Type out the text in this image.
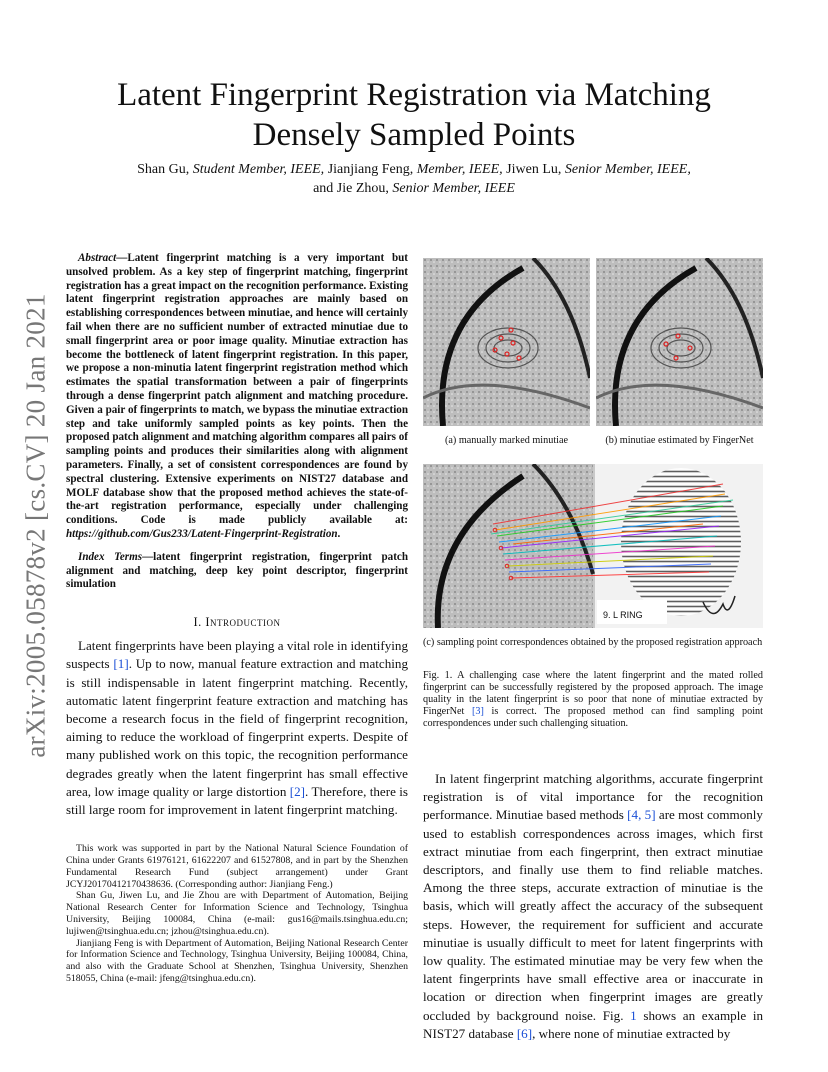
arXiv:2005.05878v2 [cs.CV] 20 Jan 2021
Latent Fingerprint Registration via Matching Densely Sampled Points
Shan Gu, Student Member, IEEE, Jianjiang Feng, Member, IEEE, Jiwen Lu, Senior Member, IEEE,
and Jie Zhou, Senior Member, IEEE

Abstract—Latent fingerprint matching is a very important but unsolved problem. As a key step of fingerprint matching, fingerprint registration has a great impact on the recognition performance. Existing latent fingerprint registration approaches are mainly based on establishing correspondences between minutiae, and hence will certainly fail when there are no sufficient number of extracted minutiae due to small fingerprint area or poor image quality. Minutiae extraction has become the bottleneck of latent fingerprint registration. In this paper, we propose a non-minutia latent fingerprint registration method which estimates the spatial transformation between a pair of fingerprints through a dense fingerprint patch alignment and matching procedure. Given a pair of fingerprints to match, we bypass the minutiae extraction step and take uniformly sampled points as key points. Then the proposed patch alignment and matching algorithm compares all pairs of sampling points and produces their similarities along with alignment parameters. Finally, a set of consistent correspondences are found by spectral clustering. Extensive experiments on NIST27 database and MOLF database show that the proposed method achieves the state-of-the-art registration performance, especially under challenging conditions. Code is made publicly available at: https://github.com/Gus233/Latent-Fingerprint-Registration.

Index Terms—latent fingerprint registration, fingerprint patch alignment and matching, deep key point descriptor, fingerprint simulation

I. Introduction

Latent fingerprints have been playing a vital role in identifying suspects [1]. Up to now, manual feature extraction and matching is still indispensable in latent fingerprint matching. Recently, automatic latent fingerprint feature extraction and matching has become a research focus in the field of fingerprint recognition, aiming to reduce the workload of fingerprint experts. Despite of many published work on this topic, the recognition performance degrades greatly when the latent fingerprint has small effective area, low image quality or large distortion [2]. Therefore, there is still large room for improvement in latent fingerprint matching.

This work was supported in part by the National Natural Science Foundation of China under Grants 61976121, 61622207 and 61527808, and in part by the Shenzhen Fundamental Research Fund (subject arrangement) under Grant JCYJ20170412170438636. (Corresponding author: Jianjiang Feng.)

Shan Gu, Jiwen Lu, and Jie Zhou are with Department of Automation, Beijing National Research Center for Information Science and Technology, Tsinghua University, Beijing 100084, China (e-mail: gus16@mails.tsinghua.edu.cn; lujiwen@tsinghua.edu.cn; jzhou@tsinghua.edu.cn).

Jianjiang Feng is with Department of Automation, Beijing National Research Center for Information Science and Technology, Tsinghua University, Beijing 100084, China, and also with the Graduate School at Shenzhen, Tsinghua University, Shenzhen 518055, China (e-mail: jfeng@tsinghua.edu.cn).

(a) manually marked minutiae	(b) minutiae estimated by FingerNet
9. L RING
(c) sampling point correspondences obtained by the proposed registration approach
Fig. 1. A challenging case where the latent fingerprint and the mated rolled fingerprint can be successfully registered by the proposed approach. The image quality in the latent fingerprint is so poor that none of minutiae extracted by FingerNet [3] is correct. The proposed method can find sampling point correspondences under such challenging situation.

In latent fingerprint matching algorithms, accurate fingerprint registration is of vital importance for the recognition performance. Minutiae based methods [4, 5] are most commonly used to establish correspondences across images, which first extract minutiae from each fingerprint, then extract minutiae descriptors, and finally use them to find reliable matches. Among the three steps, accurate extraction of minutiae is the basis, which will greatly affect the accuracy of the subsequent steps. However, the requirement for sufficient and accurate minutiae is usually difficult to meet for latent fingerprints with low quality. The estimated minutiae may be very few when the latent fingerprints have small effective area or inaccurate in location or direction when fingerprint images are greatly occluded by background noise. Fig. 1 shows an example in NIST27 database [6], where none of minutiae extracted by
